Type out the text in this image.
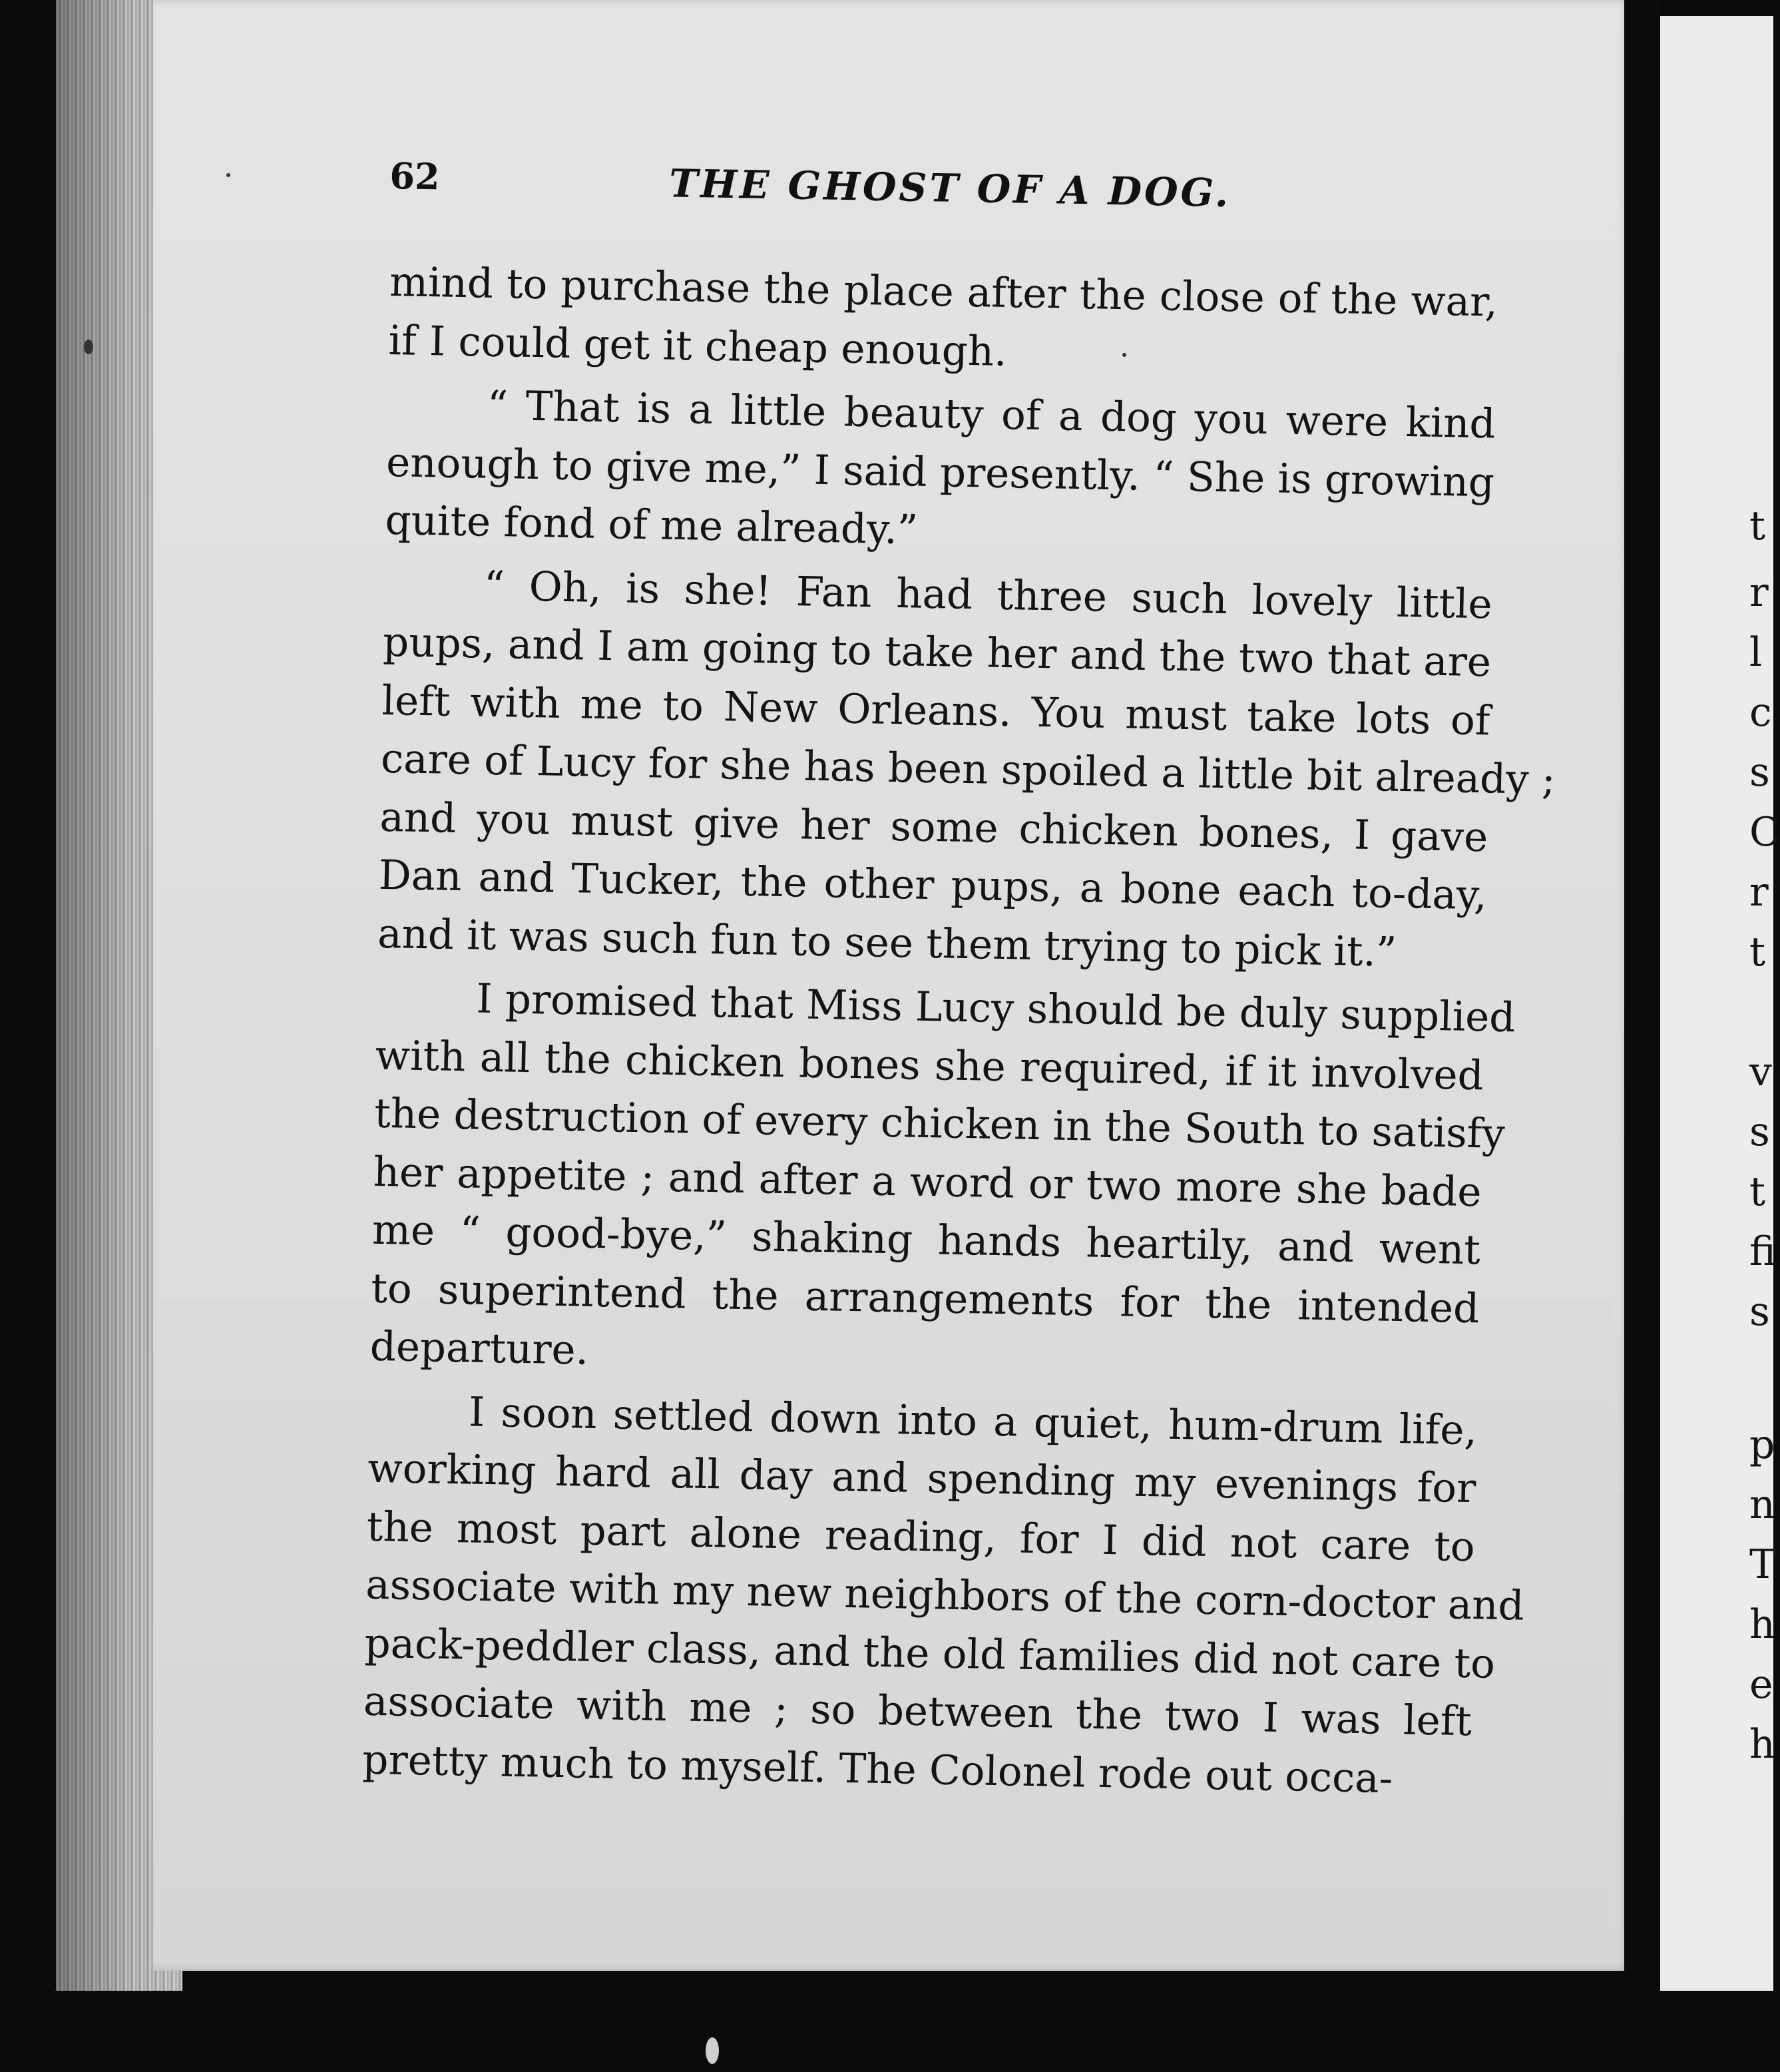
62	THE GHOST OF A DOG.
mind to purchase the place after the close of the war,
if I could get it cheap enough.
“ That is a little beauty of a dog you were kind
enough to give me,” I said presently. “ She is growing
quite fond of me already.”
“ Oh, is she! Fan had three such lovely little
pups, and I am going to take her and the two that are
left with me to New Orleans. You must take lots of
care of Lucy for she has been spoiled a little bit already ;
and you must give her some chicken bones, I gave
Dan and Tucker, the other pups, a bone each to-day,
and it was such fun to see them trying to pick it.”
I promised that Miss Lucy should be duly supplied
with all the chicken bones she required, if it involved
the destruction of every chicken in the South to satisfy
her appetite ; and after a word or two more she bade
me “ good-bye,” shaking hands heartily, and went
to superintend the arrangements for the intended
departure.
I soon settled down into a quiet, hum-drum life,
working hard all day and spending my evenings for
the most part alone reading, for I did not care to
associate with my new neighbors of the corn-doctor and
pack-peddler class, and the old families did not care to
associate with me ; so between the two I was left
pretty much to myself. The Colonel rode out occa-
t
r
l
c
s
C
r
t
v
s
t
fi
s
p
n
T
h
e
h
